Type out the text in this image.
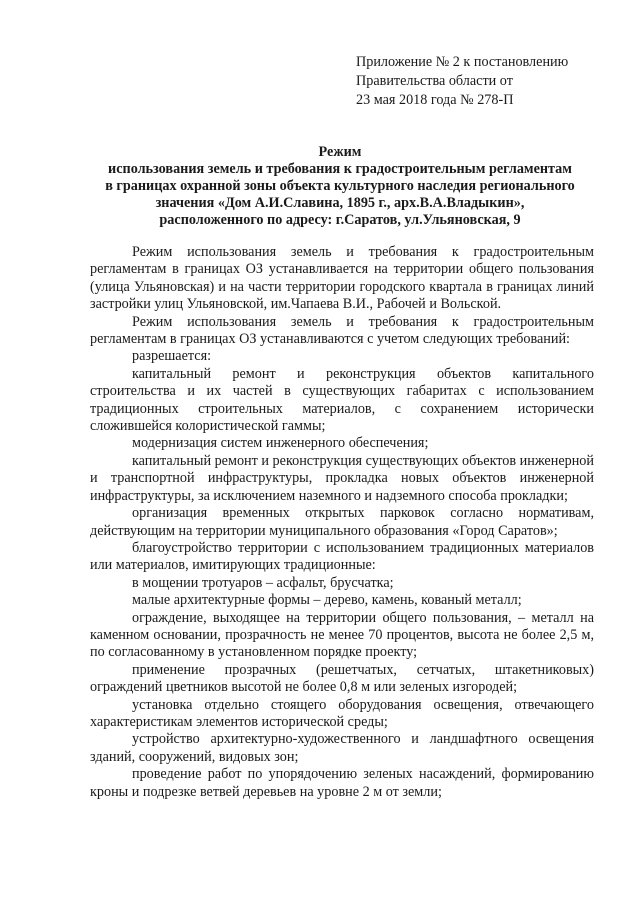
Приложение № 2 к постановлению
Правительства области от
23 мая 2018 года № 278-П
Режим
использования земель и требования к градостроительным регламентам
в границах охранной зоны объекта культурного наследия регионального
значения «Дом А.И.Славина, 1895 г., арх.В.А.Владыкин»,
расположенного по адресу: г.Саратов, ул.Ульяновская, 9

Режим использования земель и требования к градостроительным регламентам в границах ОЗ устанавливается на территории общего пользования (улица Ульяновская) и на части территории городского квартала в границах линий застройки улиц Ульяновской, им.Чапаева В.И., Рабочей и Вольской.

Режим использования земель и требования к градостроительным регламентам в границах ОЗ устанавливаются с учетом следующих требований:

разрешается:

капитальный ремонт и реконструкция объектов капитального строительства и их частей в существующих габаритах с использованием традиционных строительных материалов, с сохранением исторически сложившейся колористической гаммы;

модернизация систем инженерного обеспечения;

капитальный ремонт и реконструкция существующих объектов инженерной и транспортной инфраструктуры, прокладка новых объектов инженерной инфраструктуры, за исключением наземного и надземного способа прокладки;

организация временных открытых парковок согласно нормативам, действующим на территории муниципального образования «Город Саратов»;

благоустройство территории с использованием традиционных материалов или материалов, имитирующих традиционные:

в мощении тротуаров – асфальт, брусчатка;

малые архитектурные формы – дерево, камень, кованый металл;

ограждение, выходящее на территории общего пользования, – металл на каменном основании, прозрачность не менее 70 процентов, высота не более 2,5 м, по согласованному в установленном порядке проекту;

применение прозрачных (решетчатых, сетчатых, штакетниковых) ограждений цветников высотой не более 0,8 м или зеленых изгородей;

установка отдельно стоящего оборудования освещения, отвечающего характеристикам элементов исторической среды;

устройство архитектурно-художественного и ландшафтного освещения зданий, сооружений, видовых зон;

проведение работ по упорядочению зеленых насаждений, формированию кроны и подрезке ветвей деревьев на уровне 2 м от земли;
